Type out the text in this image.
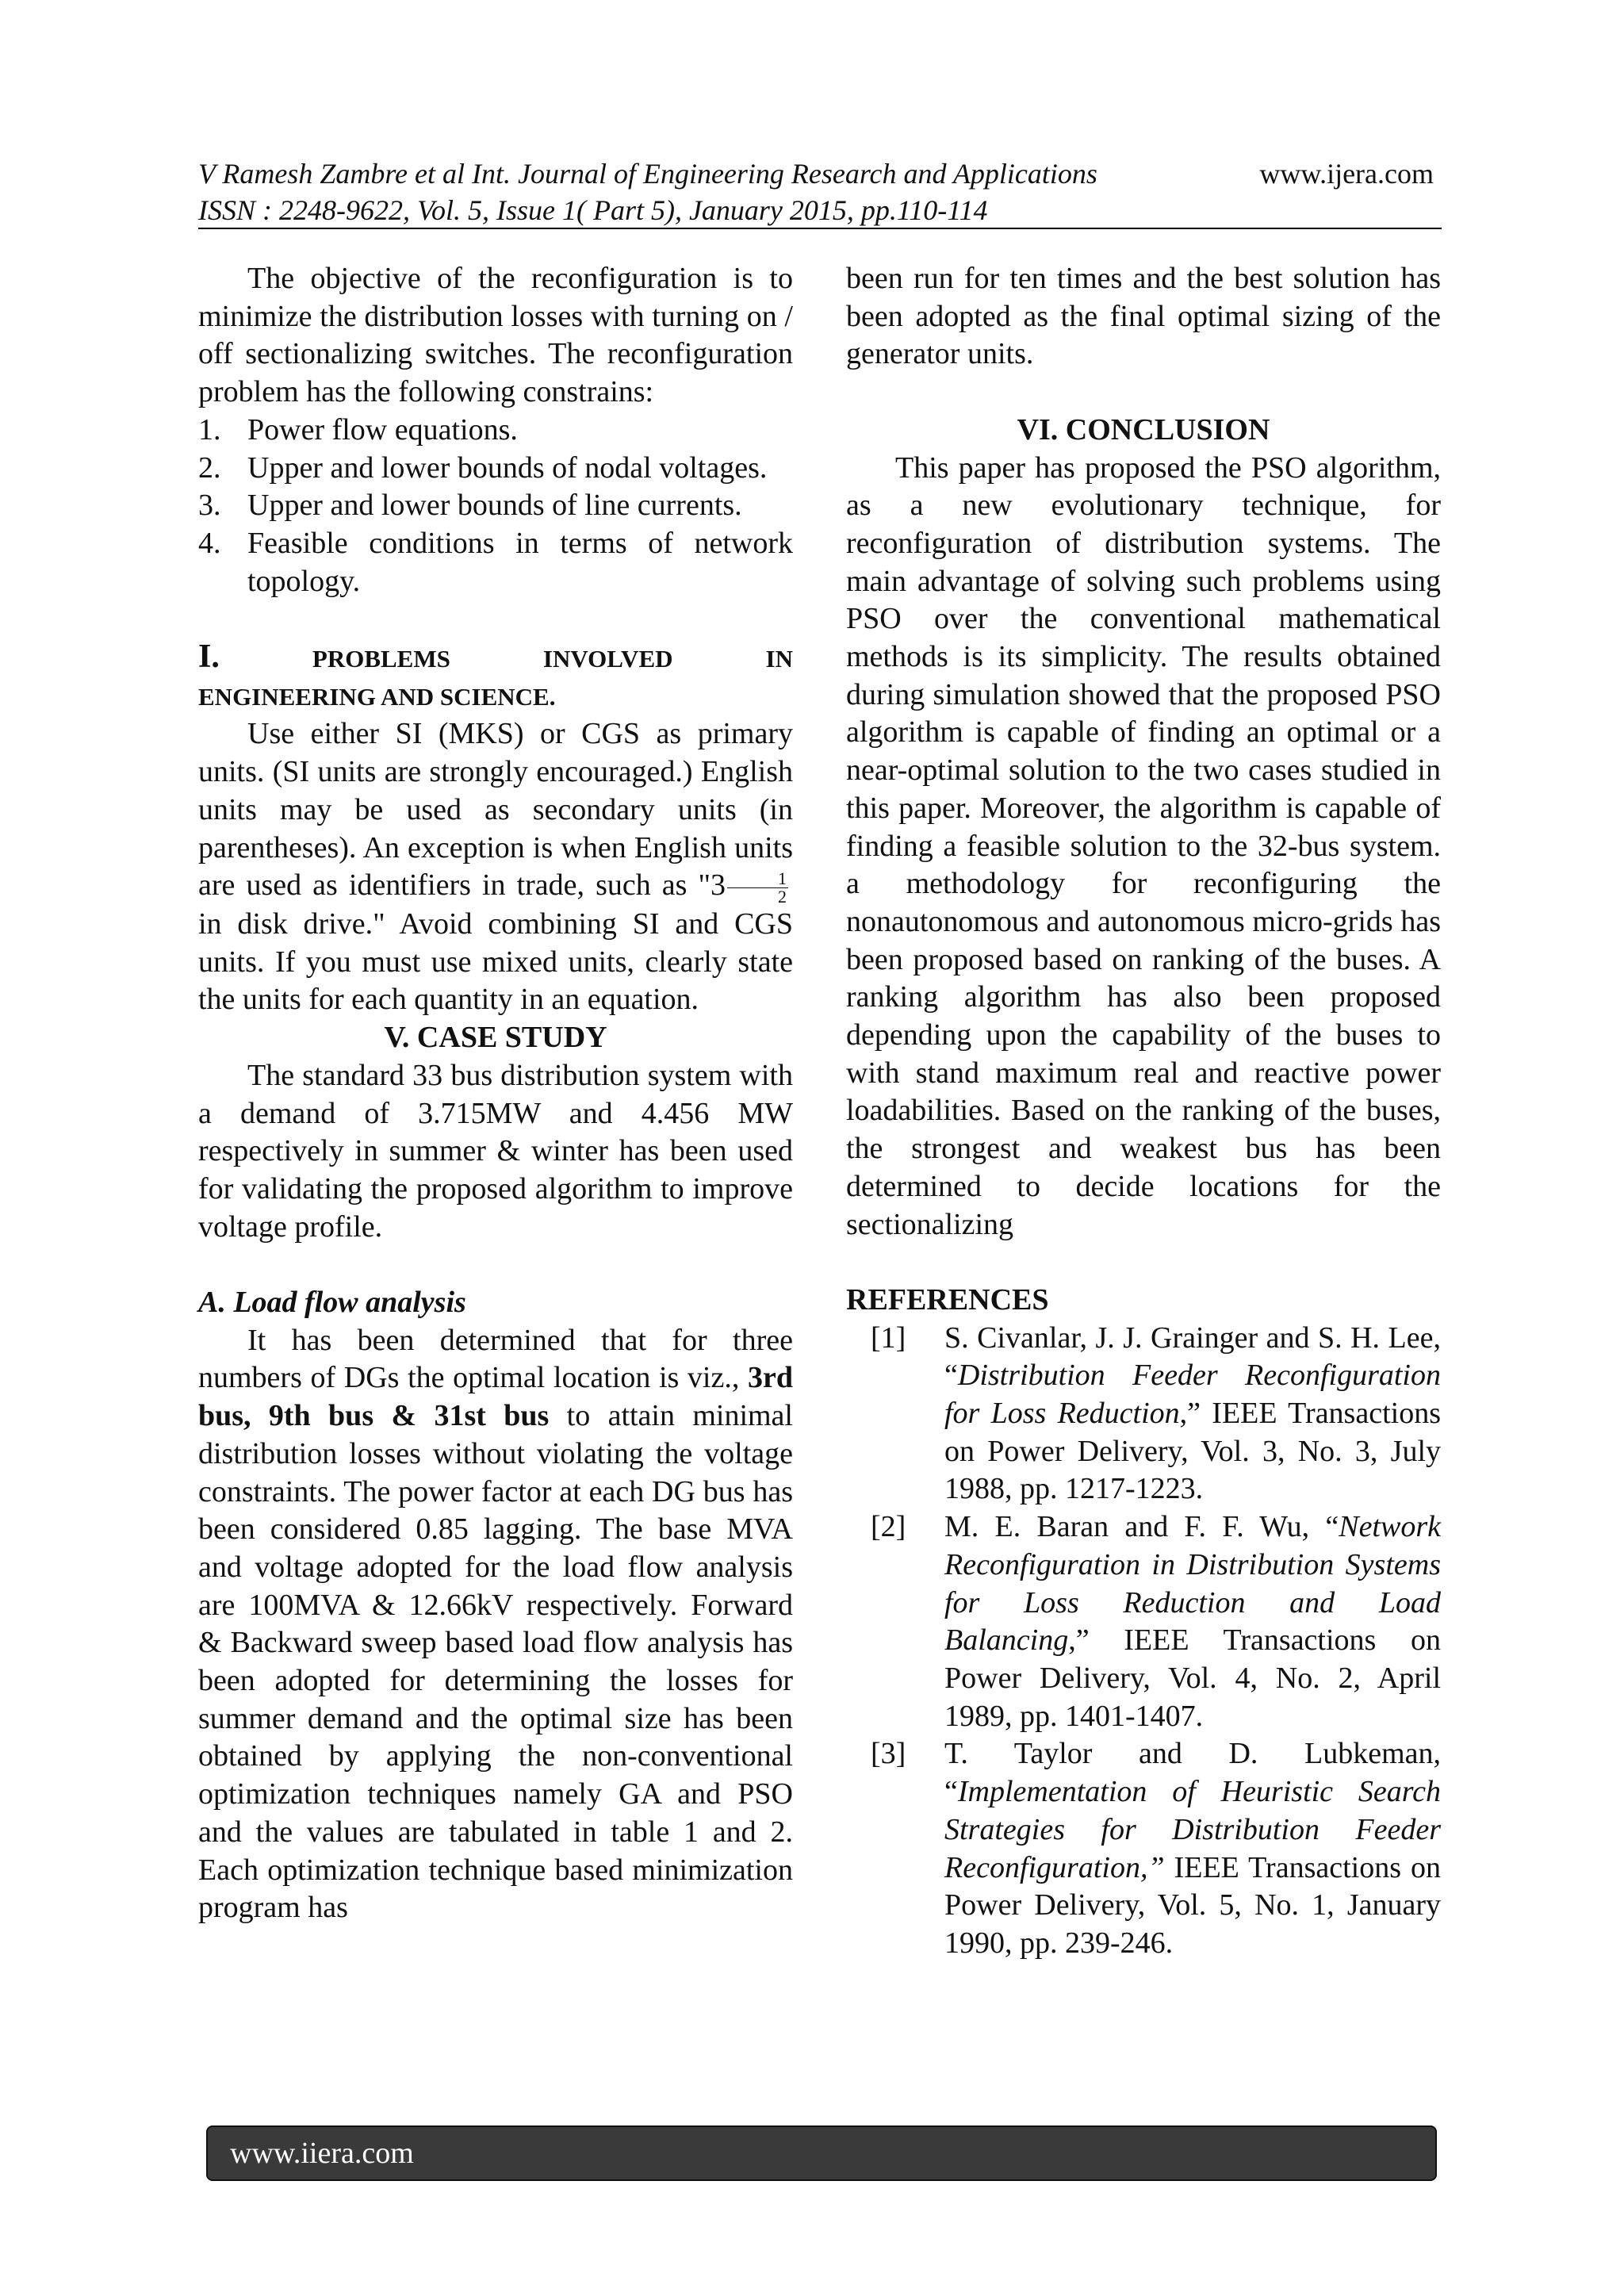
V Ramesh Zambre et al Int. Journal of Engineering Research and Applications	www.ijera.com
ISSN : 2248-9622, Vol. 5, Issue 1( Part 5), January 2015, pp.110-114

The objective of the reconfiguration is to minimize the distribution losses with turning on / off sectionalizing switches. The reconfiguration problem has the following constrains:

1. Power flow equations.
2. Upper and lower bounds of nodal voltages.
3. Upper and lower bounds of line currents.
4. Feasible conditions in terms of network topology.
I.	PROBLEMS	INVOLVED	IN
ENGINEERING AND SCIENCE.

Use either SI (MKS) or CGS as primary units. (SI units are strongly encouraged.) English units may be used as secondary units (in parentheses). An exception is when English units are used as identifiers in trade, such as "$3 \frac{1}{2}$
in disk drive." Avoid combining SI and CGS units. If you must use mixed units, clearly state the units for each quantity in an equation.

V. CASE STUDY

The standard 33 bus distribution system with a demand of 3.715MW and 4.456 MW respectively in summer & winter has been used for validating the proposed algorithm to improve voltage profile.

A. Load flow analysis

It has been determined that for three numbers of DGs the optimal location is viz., 3rd bus, 9th bus & 31st bus to attain minimal distribution losses without violating the voltage constraints. The power factor at each DG bus has been considered 0.85 lagging. The base MVA and voltage adopted for the load flow analysis are 100MVA & 12.66kV respectively. Forward & Backward sweep based load flow analysis has been adopted for determining the losses for summer demand and the optimal size has been obtained by applying the non-conventional optimization techniques namely GA and PSO and the values are tabulated in table 1 and 2. Each optimization technique based minimization program has

been run for ten times and the best solution has been adopted as the final optimal sizing of the generator units.

VI. CONCLUSION

This paper has proposed the PSO algorithm, as a new evolutionary technique, for reconfiguration of distribution systems. The main advantage of solving such problems using PSO over the conventional mathematical methods is its simplicity. The results obtained during simulation showed that the proposed PSO algorithm is capable of finding an optimal or a near-optimal solution to the two cases studied in this paper. Moreover, the algorithm is capable of finding a feasible solution to the 32-bus system. a methodology for reconfiguring the nonautonomous and autonomous micro-grids has been proposed based on ranking of the buses. A ranking algorithm has also been proposed depending upon the capability of the buses to with stand maximum real and reactive power loadabilities. Based on the ranking of the buses, the strongest and weakest bus has been determined to decide locations for the sectionalizing

REFERENCES
[1] S. Civanlar, J. J. Grainger and S. H. Lee, “Distribution Feeder Reconfiguration for Loss Reduction,” IEEE Transactions on Power Delivery, Vol. 3, No. 3, July 1988, pp. 1217-1223.
[2] M. E. Baran and F. F. Wu, “Network Reconfiguration in Distribution Systems for Loss Reduction and Load Balancing,” IEEE Transactions on Power Delivery, Vol. 4, No. 2, April 1989, pp. 1401-1407.
[3] T. Taylor and D. Lubkeman, “Implementation of Heuristic Search Strategies for Distribution Feeder Reconfiguration,” IEEE Transactions on Power Delivery, Vol. 5, No. 1, January 1990, pp. 239-246.
www.iiera.com
